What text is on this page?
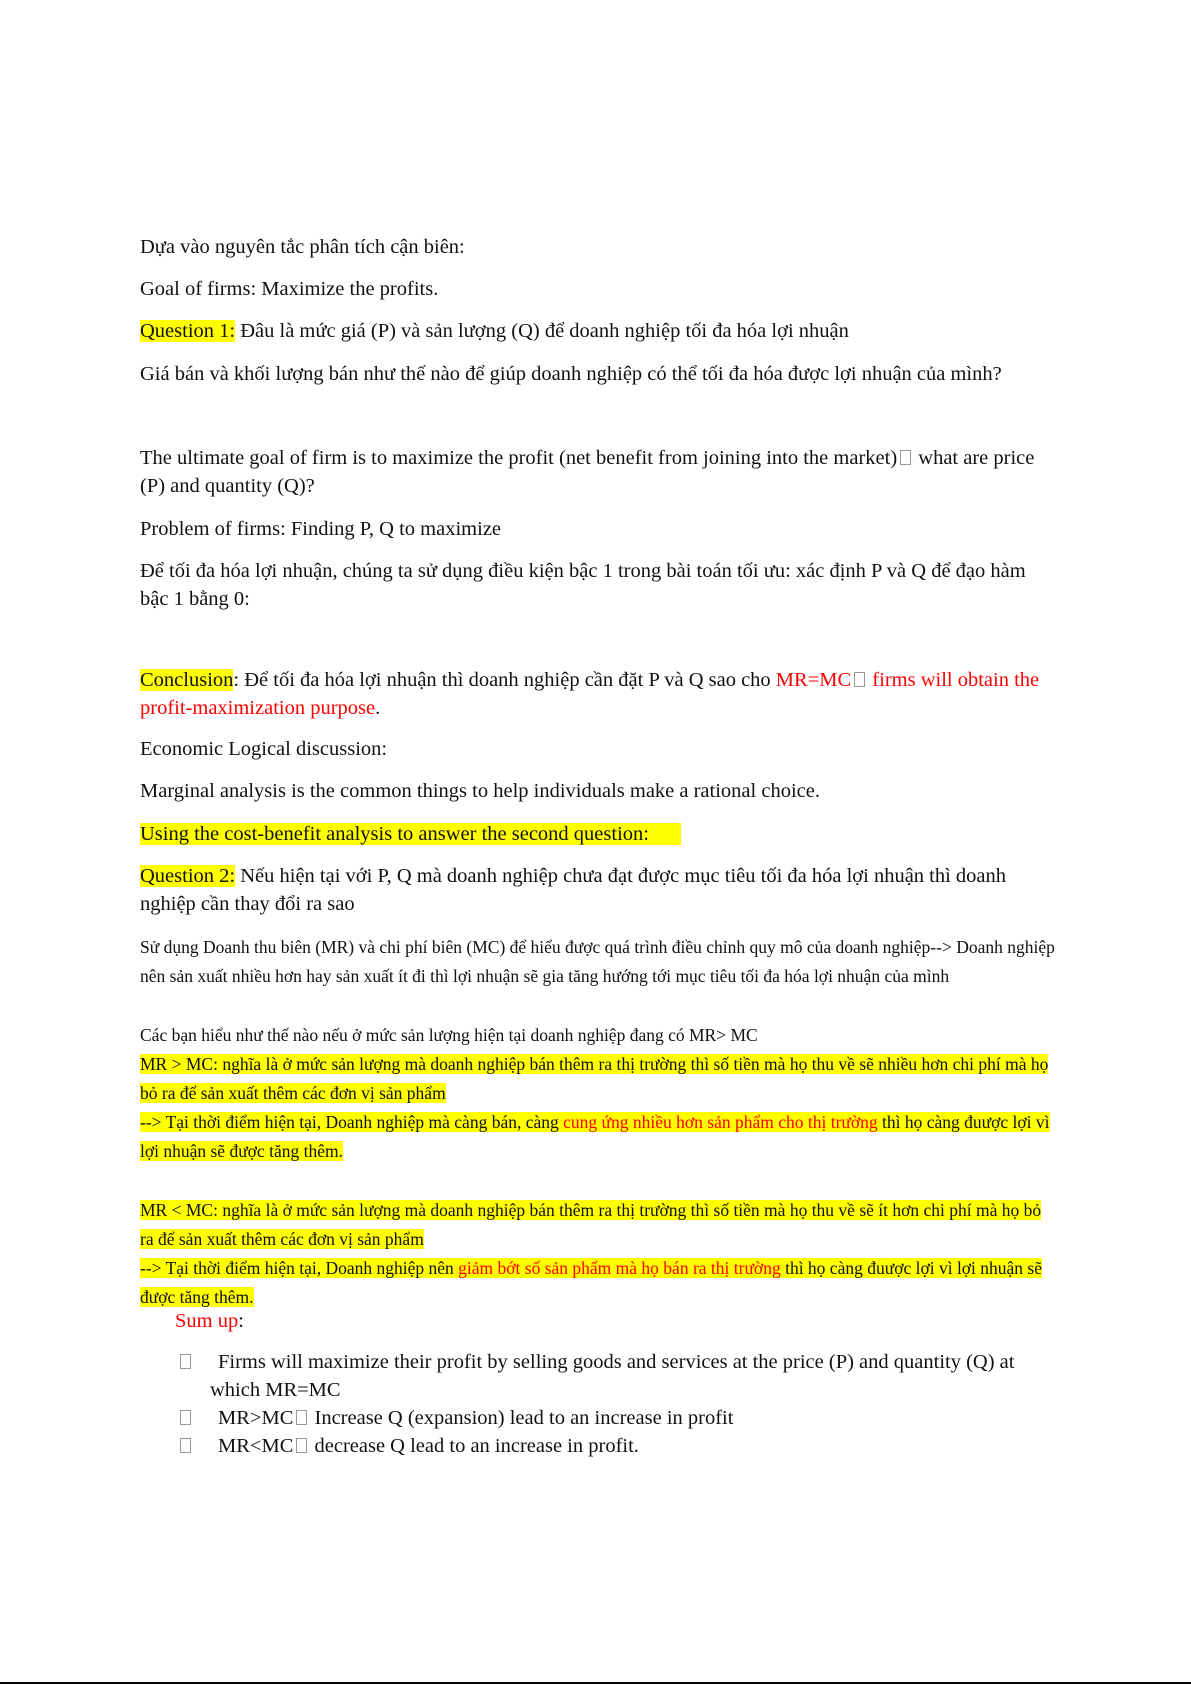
Dựa vào nguyên tắc phân tích cận biên:
Goal of firms: Maximize the profits.
Question 1: Đâu là mức giá (P) và sản lượng (Q) để doanh nghiệp tối đa hóa lợi nhuận
Giá bán và khối lượng bán như thế nào để giúp doanh nghiệp có thể tối đa hóa được lợi nhuận của mình?
The ultimate goal of firm is to maximize the profit (net benefit from joining into the market) what are price (P) and quantity (Q)?
Problem of firms: Finding P, Q to maximize
Để tối đa hóa lợi nhuận, chúng ta sử dụng điều kiện bậc 1 trong bài toán tối ưu: xác định P và Q để đạo hàm bậc 1 bằng 0:
Conclusion: Để tối đa hóa lợi nhuận thì doanh nghiệp cần đặt P và Q sao cho MR=MC firms will obtain the profit-maximization purpose.
Economic Logical discussion:
Marginal analysis is the common things to help individuals make a rational choice.
Using the cost-benefit analysis to answer the second question:
Question 2: Nếu hiện tại với P, Q mà doanh nghiệp chưa đạt được mục tiêu tối đa hóa lợi nhuận thì doanh nghiệp cần thay đổi ra sao
Sử dụng Doanh thu biên (MR) và chi phí biên (MC) để hiểu được quá trình điều chỉnh quy mô của doanh nghiệp--> Doanh nghiệp nên sản xuất nhiều hơn hay sản xuất ít đi thì lợi nhuận sẽ gia tăng hướng tới mục tiêu tối đa hóa lợi nhuận của mình
Các bạn hiểu như thế nào nếu ở mức sản lượng hiện tại doanh nghiệp đang có MR> MC
MR > MC: nghĩa là ở mức sản lượng mà doanh nghiệp bán thêm ra thị trường thì số tiền mà họ thu về sẽ nhiều hơn chi phí mà họ bỏ ra để sản xuất thêm các đơn vị sản phẩm
--> Tại thời điểm hiện tại, Doanh nghiệp mà càng bán, càng cung ứng nhiều hơn sản phẩm cho thị trường thì họ càng đuược lợi vì lợi nhuận sẽ được tăng thêm.
MR < MC: nghĩa là ở mức sản lượng mà doanh nghiệp bán thêm ra thị trường thì số tiền mà họ thu về sẽ ít hơn chi phí mà họ bỏ ra để sản xuất thêm các đơn vị sản phẩm
--> Tại thời điểm hiện tại, Doanh nghiệp nên giảm bớt số sản phẩm mà họ bán ra thị trường thì họ càng đuược lợi vì lợi nhuận sẽ được tăng thêm.
Sum up:
Firms will maximize their profit by selling goods and services at the price (P) and quantity (Q) at which MR=MC
MR>MC Increase Q (expansion) lead to an increase in profit
MR<MC decrease Q lead to an increase in profit.
